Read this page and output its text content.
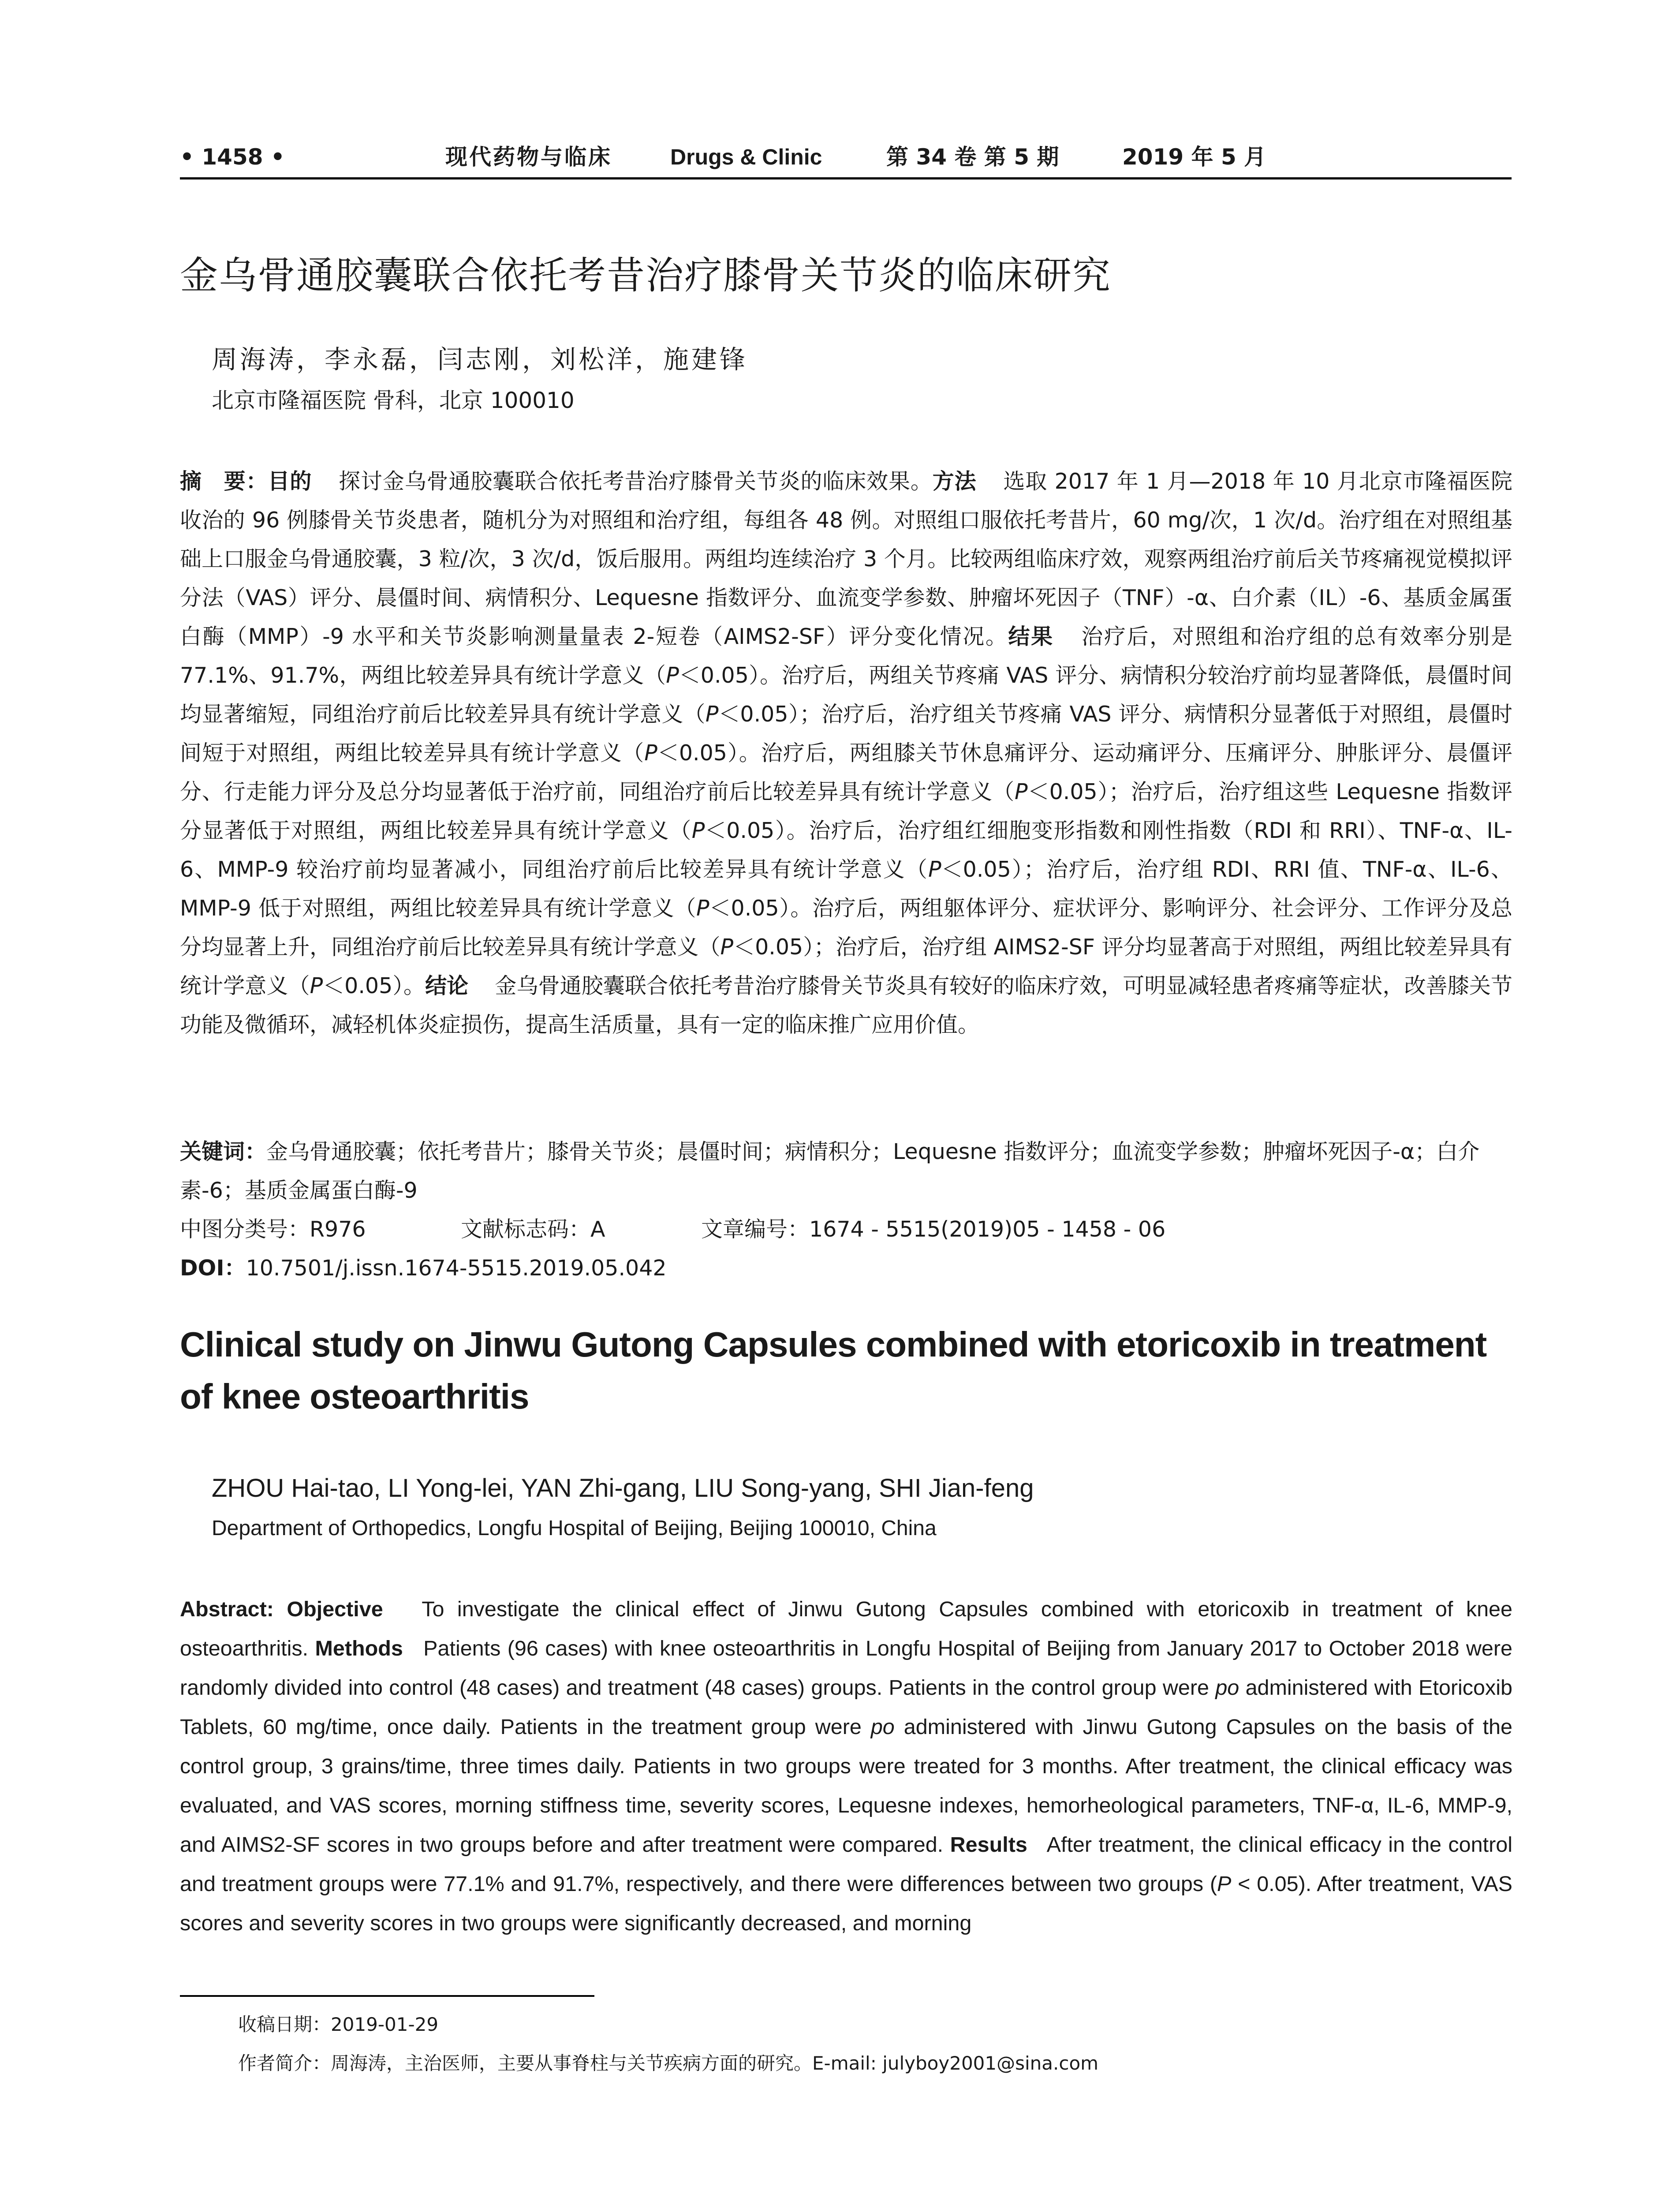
• 1458 •	现代药物与临床	Drugs & Clinic	第 34 卷 第 5 期	2019 年 5 月
金乌骨通胶囊联合依托考昔治疗膝骨关节炎的临床研究
周海涛，李永磊，闫志刚，刘松洋，施建锋
北京市隆福医院 骨科，北京 100010
摘　要：目的 探讨金乌骨通胶囊联合依托考昔治疗膝骨关节炎的临床效果。方法 选取 2017 年 1 月—2018 年 10 月北京市隆福医院收治的 96 例膝骨关节炎患者，随机分为对照组和治疗组，每组各 48 例。对照组口服依托考昔片，60 mg/次，1 次/d。治疗组在对照组基础上口服金乌骨通胶囊，3 粒/次，3 次/d，饭后服用。两组均连续治疗 3 个月。比较两组临床疗效，观察两组治疗前后关节疼痛视觉模拟评分法（VAS）评分、晨僵时间、病情积分、Lequesne 指数评分、血流变学参数、肿瘤坏死因子（TNF）-α、白介素（IL）-6、基质金属蛋白酶（MMP）-9 水平和关节炎影响测量量表 2-短卷（AIMS2-SF）评分变化情况。结果 治疗后，对照组和治疗组的总有效率分别是 77.1%、91.7%，两组比较差异具有统计学意义（P＜0.05）。治疗后，两组关节疼痛 VAS 评分、病情积分较治疗前均显著降低，晨僵时间均显著缩短，同组治疗前后比较差异具有统计学意义（P＜0.05）；治疗后，治疗组关节疼痛 VAS 评分、病情积分显著低于对照组，晨僵时间短于对照组，两组比较差异具有统计学意义（P＜0.05）。治疗后，两组膝关节休息痛评分、运动痛评分、压痛评分、肿胀评分、晨僵评分、行走能力评分及总分均显著低于治疗前，同组治疗前后比较差异具有统计学意义（P＜0.05）；治疗后，治疗组这些 Lequesne 指数评分显著低于对照组，两组比较差异具有统计学意义（P＜0.05）。治疗后，治疗组红细胞变形指数和刚性指数（RDI 和 RRI）、TNF-α、IL-6、MMP-9 较治疗前均显著减小，同组治疗前后比较差异具有统计学意义（P＜0.05）；治疗后，治疗组 RDI、RRI 值、TNF-α、IL-6、MMP-9 低于对照组，两组比较差异具有统计学意义（P＜0.05）。治疗后，两组躯体评分、症状评分、影响评分、社会评分、工作评分及总分均显著上升，同组治疗前后比较差异具有统计学意义（P＜0.05）；治疗后，治疗组 AIMS2-SF 评分均显著高于对照组，两组比较差异具有统计学意义（P＜0.05）。结论 金乌骨通胶囊联合依托考昔治疗膝骨关节炎具有较好的临床疗效，可明显减轻患者疼痛等症状，改善膝关节功能及微循环，减轻机体炎症损伤，提高生活质量，具有一定的临床推广应用价值。
关键词：金乌骨通胶囊；依托考昔片；膝骨关节炎；晨僵时间；病情积分；Lequesne 指数评分；血流变学参数；肿瘤坏死因子-α；白介素-6；基质金属蛋白酶-9
中图分类号：R976	文献标志码：A	文章编号：1674 - 5515(2019)05 - 1458 - 06
DOI：10.7501/j.issn.1674-5515.2019.05.042
Clinical study on Jinwu Gutong Capsules combined with etoricoxib in treatment of knee osteoarthritis
ZHOU Hai-tao, LI Yong-lei, YAN Zhi-gang, LIU Song-yang, SHI Jian-feng
Department of Orthopedics, Longfu Hospital of Beijing, Beijing 100010, China
Abstract: Objective To investigate the clinical effect of Jinwu Gutong Capsules combined with etoricoxib in treatment of knee osteoarthritis. Methods Patients (96 cases) with knee osteoarthritis in Longfu Hospital of Beijing from January 2017 to October 2018 were randomly divided into control (48 cases) and treatment (48 cases) groups. Patients in the control group were po administered with Etoricoxib Tablets, 60 mg/time, once daily. Patients in the treatment group were po administered with Jinwu Gutong Capsules on the basis of the control group, 3 grains/time, three times daily. Patients in two groups were treated for 3 months. After treatment, the clinical efficacy was evaluated, and VAS scores, morning stiffness time, severity scores, Lequesne indexes, hemorheological parameters, TNF-α, IL-6, MMP-9, and AIMS2-SF scores in two groups before and after treatment were compared. Results After treatment, the clinical efficacy in the control and treatment groups were 77.1% and 91.7%, respectively, and there were differences between two groups (P < 0.05). After treatment, VAS scores and severity scores in two groups were significantly decreased, and morning
收稿日期：2019-01-29
作者简介：周海涛，主治医师，主要从事脊柱与关节疾病方面的研究。E-mail: julyboy2001@sina.com
